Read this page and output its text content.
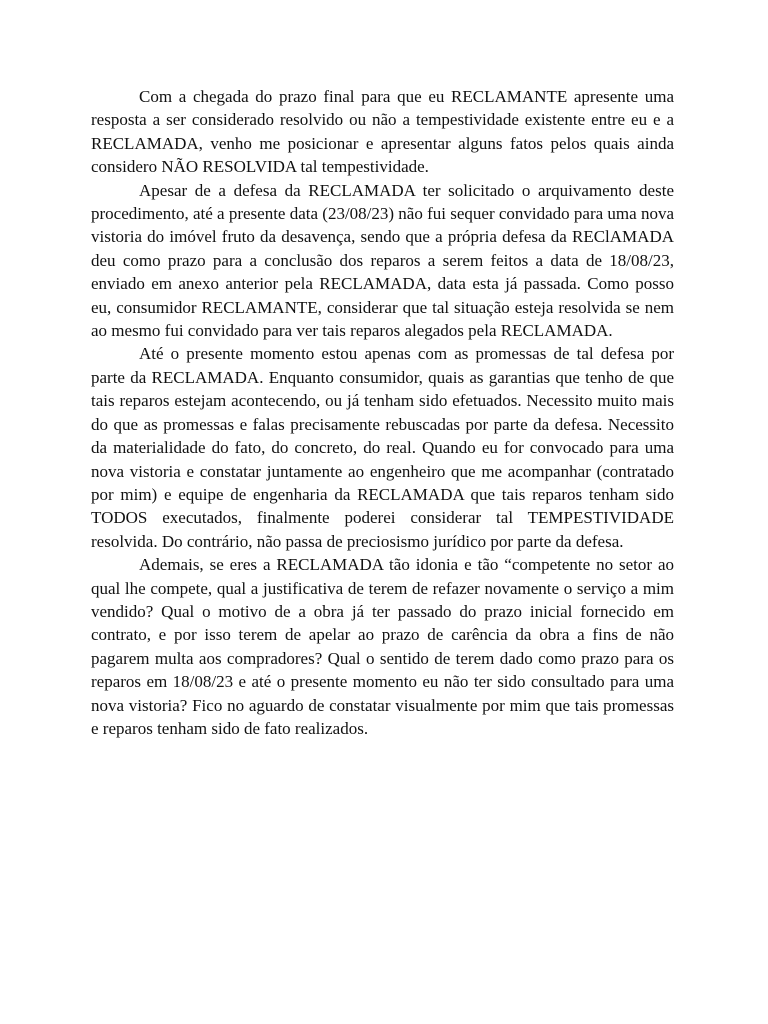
Com a chegada do prazo final para que eu RECLAMANTE apresente uma resposta a ser considerado resolvido ou não a tempestividade existente entre eu e a RECLAMADA, venho me posicionar e apresentar alguns fatos pelos quais ainda considero NÃO RESOLVIDA tal tempestividade.

Apesar de a defesa da RECLAMADA ter solicitado o arquivamento deste procedimento, até a presente data (23/08/23) não fui sequer convidado para uma nova vistoria do imóvel fruto da desavença, sendo que a própria defesa da REClAMADA deu como prazo para a conclusão dos reparos a serem feitos a data de 18/08/23, enviado em anexo anterior pela RECLAMADA, data esta já passada. Como posso eu, consumidor RECLAMANTE, considerar que tal situação esteja resolvida se nem ao mesmo fui convidado para ver tais reparos alegados pela RECLAMADA.

Até o presente momento estou apenas com as promessas de tal defesa por parte da RECLAMADA. Enquanto consumidor, quais as garantias que tenho de que tais reparos estejam acontecendo, ou já tenham sido efetuados. Necessito muito mais do que as promessas e falas precisamente rebuscadas por parte da defesa. Necessito da materialidade do fato, do concreto, do real. Quando eu for convocado para uma nova vistoria e constatar juntamente ao engenheiro que me acompanhar (contratado por mim) e equipe de engenharia da RECLAMADA que tais reparos tenham sido TODOS executados, finalmente poderei considerar tal TEMPESTIVIDADE resolvida. Do contrário, não passa de preciosismo jurídico por parte da defesa.

Ademais, se eres a RECLAMADA tão idonia e tão “competente no setor ao qual lhe compete, qual a justificativa de terem de refazer novamente o serviço a mim vendido? Qual o motivo de a obra já ter passado do prazo inicial fornecido em contrato, e por isso terem de apelar ao prazo de carência da obra a fins de não pagarem multa aos compradores? Qual o sentido de terem dado como prazo para os reparos em 18/08/23 e até o presente momento eu não ter sido consultado para uma nova vistoria? Fico no aguardo de constatar visualmente por mim que tais promessas e reparos tenham sido de fato realizados.
